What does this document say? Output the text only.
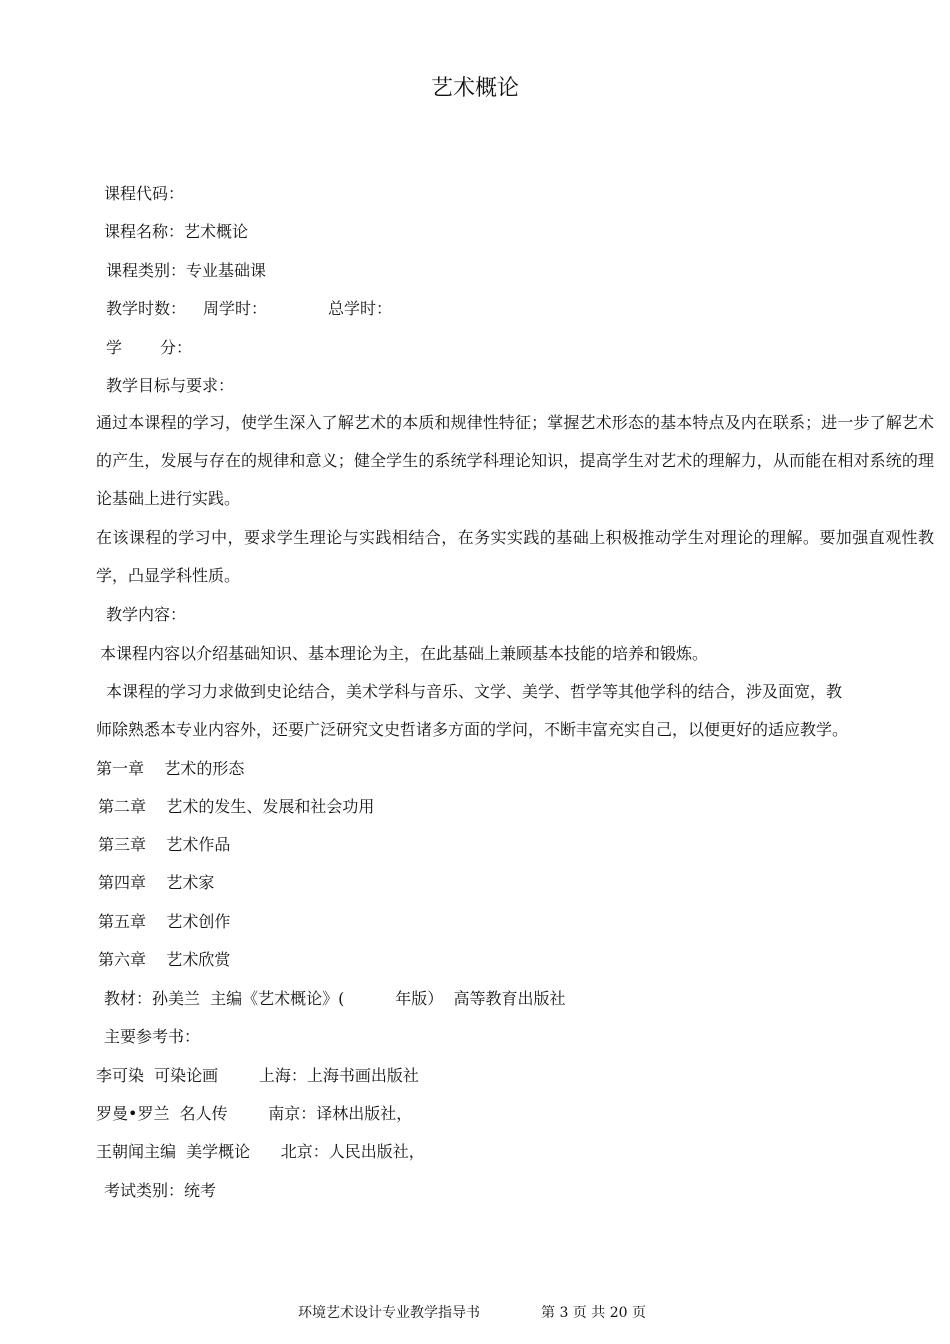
艺术概论
课程代码：
课程名称：艺术概论
课程类别：专业基础课
教学时数： 周学时：	总学时：
学 分：
教学目标与要求：
通过本课程的学习，使学生深入了解艺术的本质和规律性特征；掌握艺术形态的基本特点及内在联系；进一步了解艺术的产生，发展与存在的规律和意义；健全学生的系统学科理论知识，提高学生对艺术的理解力，从而能在相对系统的理论基础上进行实践。
在该课程的学习中，要求学生理论与实践相结合，在务实实践的基础上积极推动学生对理论的理解。要加强直观性教学，凸显学科性质。
教学内容：
本课程内容以介绍基础知识、基本理论为主，在此基础上兼顾基本技能的培养和锻炼。
本课程的学习力求做到史论结合，美术学科与音乐、文学、美学、哲学等其他学科的结合，涉及面宽，教
师除熟悉本专业内容外，还要广泛研究文史哲诸多方面的学问，不断丰富充实自己，以便更好的适应教学。
第一章    艺术的形态
第二章    艺术的发生、发展和社会功用
第三章    艺术作品
第四章    艺术家
第五章    艺术创作
第六章    艺术欣赏
教材：孙美兰  主编《艺术概论》(          年版）  高等教育出版社
主要参考书：
李可染  可染论画        上海：上海书画出版社
罗曼•罗兰  名人传        南京：译林出版社，
王朝闻主编  美学概论      北京：人民出版社，
考试类别：统考
环境艺术设计专业教学指导书	第 3 页 共 20 页
